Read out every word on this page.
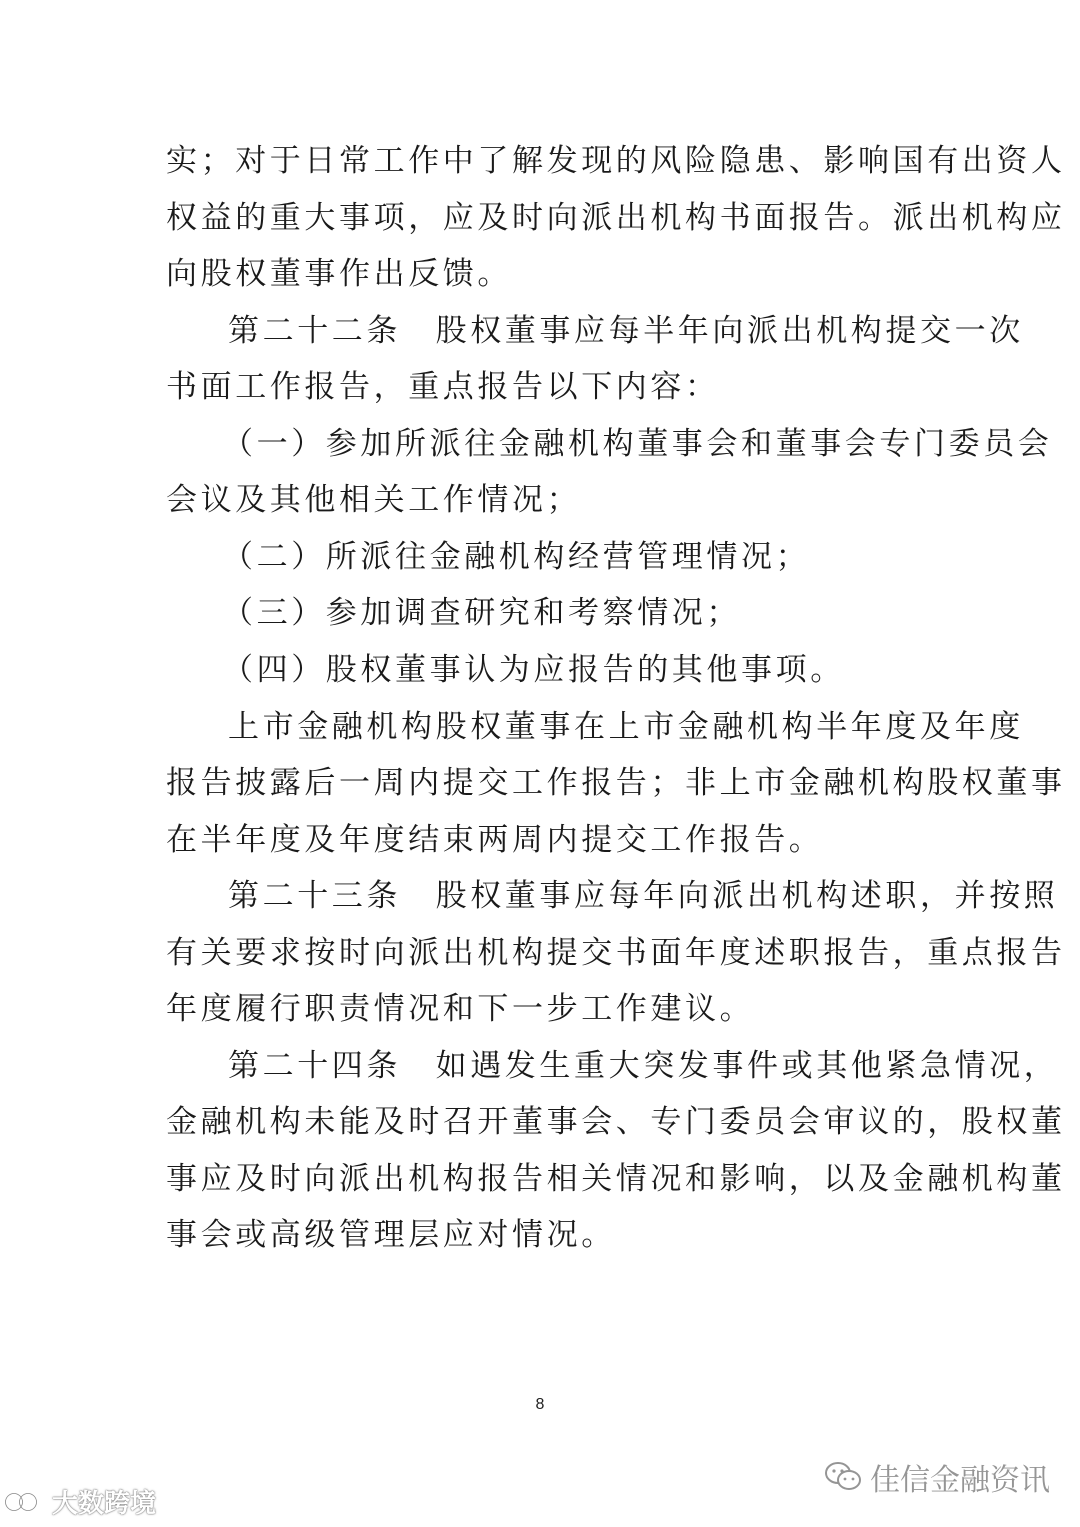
实；对于日常工作中了解发现的风险隐患、影响国有出资人
权益的重大事项，应及时向派出机构书面报告。派出机构应
向股权董事作出反馈。
第二十二条　股权董事应每半年向派出机构提交一次
书面工作报告，重点报告以下内容：
（一）参加所派往金融机构董事会和董事会专门委员会
会议及其他相关工作情况；
（二）所派往金融机构经营管理情况；
（三）参加调查研究和考察情况；
（四）股权董事认为应报告的其他事项。
上市金融机构股权董事在上市金融机构半年度及年度
报告披露后一周内提交工作报告；非上市金融机构股权董事
在半年度及年度结束两周内提交工作报告。
第二十三条　股权董事应每年向派出机构述职，并按照
有关要求按时向派出机构提交书面年度述职报告，重点报告
年度履行职责情况和下一步工作建议。
第二十四条　如遇发生重大突发事件或其他紧急情况，
金融机构未能及时召开董事会、专门委员会审议的，股权董
事应及时向派出机构报告相关情况和影响，以及金融机构董
事会或高级管理层应对情况。
8
佳信金融资讯
大数跨境
